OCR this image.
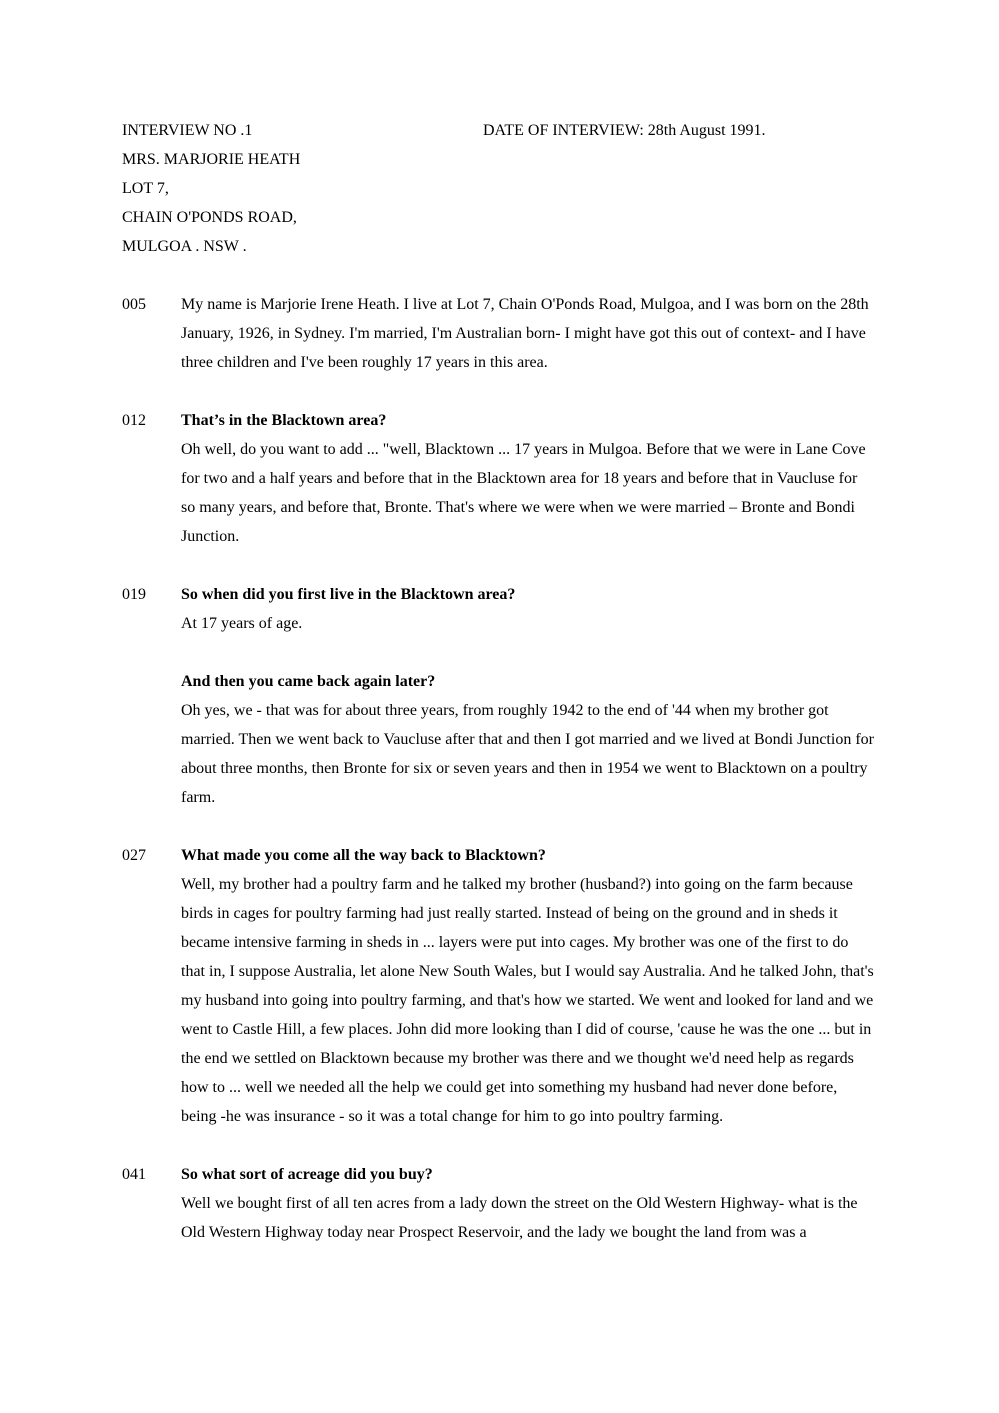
INTERVIEW NO .1	DATE OF INTERVIEW: 28th August 1991.
MRS. MARJORIE HEATH
LOT 7,
CHAIN O'PONDS ROAD,
MULGOA . NSW .
005	My name is Marjorie Irene Heath. I live at Lot 7, Chain O'Ponds Road, Mulgoa, and I was born on the 28th January, 1926, in Sydney. I'm married, I'm Australian born- I might have got this out of context- and I have three children and I've been roughly 17 years in this area.
012	That’s in the Blacktown area?
Oh well, do you want to add ... "well, Blacktown ... 17 years in Mulgoa. Before that we were in Lane Cove for two and a half years and before that in the Blacktown area for 18 years and before that in Vaucluse for so many years, and before that, Bronte. That's where we were when we were married – Bronte and Bondi Junction.
019	So when did you first live in the Blacktown area?
At 17 years of age.
And then you came back again later?
Oh yes, we - that was for about three years, from roughly 1942 to the end of '44 when my brother got married. Then we went back to Vaucluse after that and then I got married and we lived at Bondi Junction for about three months, then Bronte for six or seven years and then in 1954 we went to Blacktown on a poultry farm.
027	What made you come all the way back to Blacktown?
Well, my brother had a poultry farm and he talked my brother (husband?) into going on the farm because birds in cages for poultry farming had just really started. Instead of being on the ground and in sheds it became intensive farming in sheds in ... layers were put into cages. My brother was one of the first to do that in, I suppose Australia, let alone New South Wales, but I would say Australia. And he talked John, that's my husband into going into poultry farming, and that's how we started. We went and looked for land and we went to Castle Hill, a few places. John did more looking than I did of course, 'cause he was the one ... but in the end we settled on Blacktown because my brother was there and we thought we'd need help as regards how to ... well we needed all the help we could get into something my husband had never done before, being -he was insurance - so it was a total change for him to go into poultry farming.
041	So what sort of acreage did you buy?
Well we bought first of all ten acres from a lady down the street on the Old Western Highway- what is the Old Western Highway today near Prospect Reservoir, and the lady we bought the land from was a
